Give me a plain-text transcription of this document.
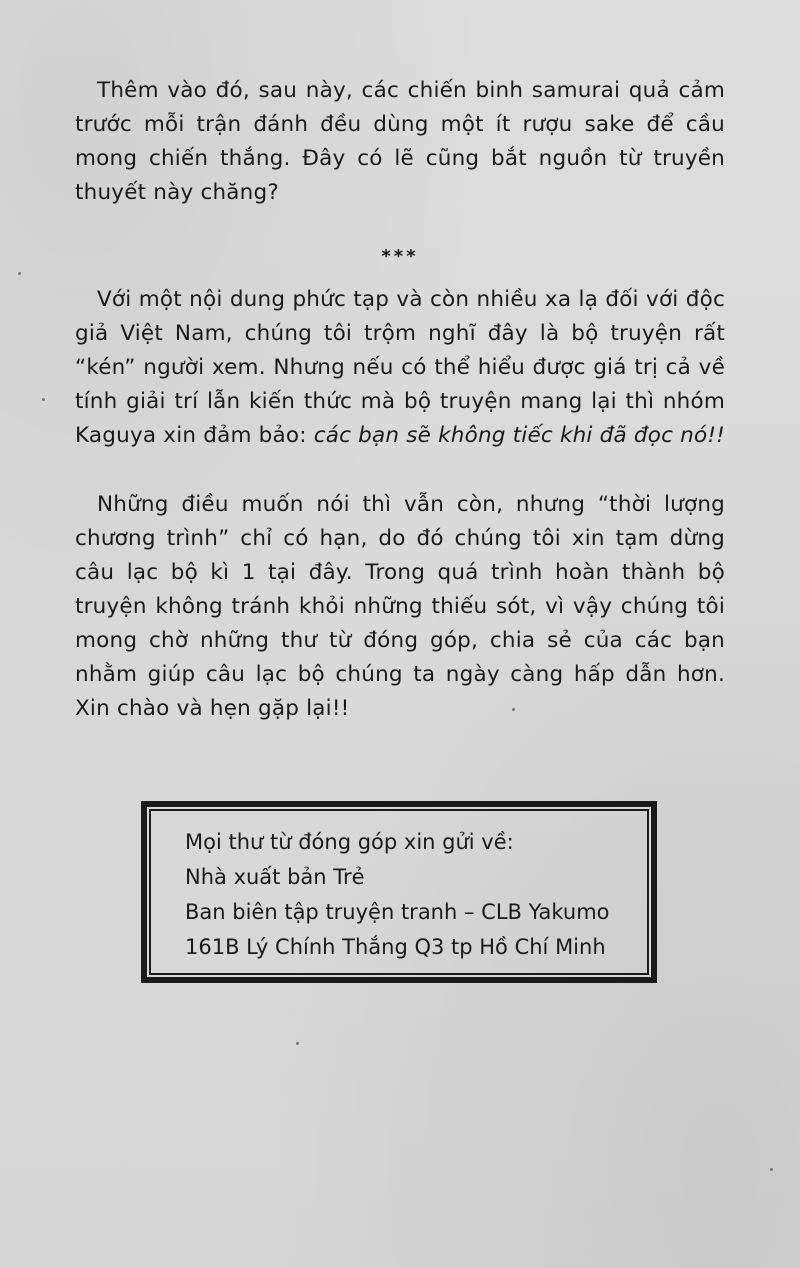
Thêm vào đó, sau này, các chiến binh samurai quả cảm trước mỗi trận đánh đều dùng một ít rượu sake để cầu mong chiến thắng. Đây có lẽ cũng bắt nguồn từ truyền thuyết này chăng?

***

Với một nội dung phức tạp và còn nhiều xa lạ đối với độc giả Việt Nam, chúng tôi trộm nghĩ đây là bộ truyện rất “kén” người xem. Nhưng nếu có thể hiểu được giá trị cả về tính giải trí lẫn kiến thức mà bộ truyện mang lại thì nhóm Kaguya xin đảm bảo: các bạn sẽ không tiếc khi đã đọc nó!!

Những điều muốn nói thì vẫn còn, nhưng “thời lượng chương trình” chỉ có hạn, do đó chúng tôi xin tạm dừng câu lạc bộ kì 1 tại đây. Trong quá trình hoàn thành bộ truyện không tránh khỏi những thiếu sót, vì vậy chúng tôi mong chờ những thư từ đóng góp, chia sẻ của các bạn nhằm giúp câu lạc bộ chúng ta ngày càng hấp dẫn hơn. Xin chào và hẹn gặp lại!!

Mọi thư từ đóng góp xin gửi về:
Nhà xuất bản Trẻ
Ban biên tập truyện tranh – CLB Yakumo
161B Lý Chính Thắng Q3 tp Hồ Chí Minh
